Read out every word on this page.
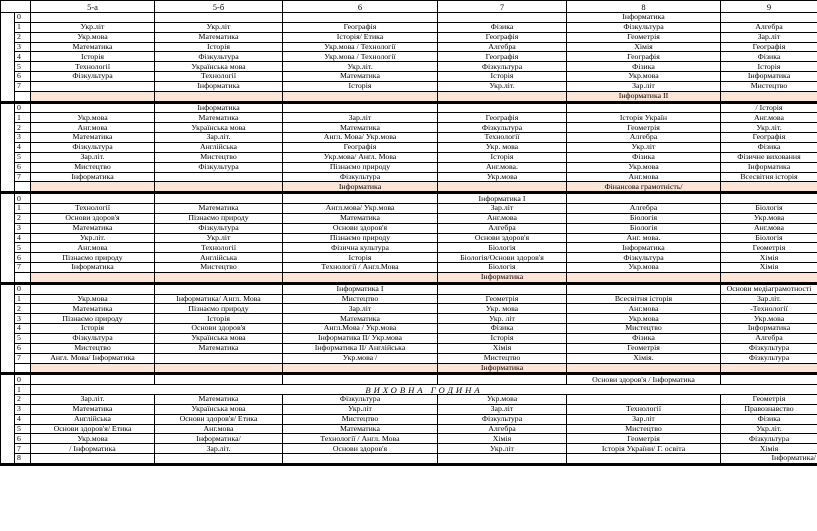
		5-а	5-б	6	7	8	9
	0					Інформатика	
	1	Укр.літ	Укр.літ	Географія	Фізика	Фізкультура	Алгебра
	2	Укр.мова	Математика	Історія/ Етика	Географія	Геометрія	Зар.літ
	3	Математика	Історія	Укр.мова / Технології	Алгебра	Хімія	Географія
	4	Історія	Фізкультура	Укр.мова / Технології	Географія	Географія	Фізика
	5	Технології	Українська мова	Укр.літ.	Фізкультура	Фізика	Історія
	6	Фізкультура	Технології	Математика	Історія	Укр.мова	Інформатика
	7		Інформатика	Історія	Укр.літ.	Зар.літ	Мистецтво
						Інформатика ІІ	
	0		Інформатика				/ Історія
	1	Укр.мова	Математика	Зар.літ	Географія	Історія Україн	Анг.мова
	2	Анг.мова	Українська мова	Математика	Фізкультура	Геометрія	Укр.літ.
	3	Математика	Зар.літ.	Англ. Мова/ Укр.мова	Технології	Алгебра	Географія
	4	Фізкультура	Англійська	Географія	Укр. мова	Укр.літ	Фізика
	5	Зар.літ.	Мистецтво	Укр.мова/ Англ. Мова	Історія	Фізика	Фізичне виховання
	6	Мистецтво	Фізкультура	Пізнаємо природу	Анг.мова.	Укр.мова	Інформатика
	7	Інформатика		Фізкультура	Укр.мова	Анг.мова	Всесвітня історія
				Інформатика		Фінансова грамотність/	
	0				Інформатика І		
	1	Технології	Математика	Англ.мова/ Укр.мова	Зар.літ	Алгебра	Біологія
	2	Основи здоров'я	Пізнаємо природу	Математика	Анг.мова	Біологія	Укр.мова
	3	Математика	Фізкультура	Основи здоров'я	Алгебра	Біологія	Анг.мова
	4	Укр.літ.	Укр.літ	Пізнаємо природу	Основи здоров'я	Анг. мова.	Біологія
	5	Анг.мова	Технології	Фізична культура	Біологія	Інформатика	Геометрія
	6	Пізнаємо природу	Англійська	Історія	Біологія/Основи здоров'я	Фізкультура	Хімія
	7	Інформатика	Мистецтво	Технології / Англ.Мова	Біологія	Укр.мова	Хімія
					Інформатика		
	0			Інформатика І			Основи медіаграмотності
	1	Укр.мова	Інформатика/ Англ. Мова	Мистецтво	Геометрія	Всесвітня історія	Зар.літ.
	2	Математика	Пізнаємо природу	Зар.літ	Укр. мова	Анг.мова	-Технології
	3	Пізнаємо природу	Історія	Математика	Укр. літ	Укр.мова	Укр.мова
	4	Історія	Основи здоров'я	Англ.Мова / Укр.мова	Фізика	Мистецтво	Інформатика
	5	Фізкультура	Українська мова	Інформатика ІІ/ Укр.мова	Історія	Фізика	Алгебра
	6	Мистецтво	Математика	Інформатика ІІ/ Англійська	Хімія	Геометрія	Фізкультура
	7	Англ. Мова/ Інформатика		Укр.мова /	Мистецтво	Хімія.	Фізкультура
					Інформатика		
	0					Основи здоров'я / Інформатика	
	1	ВИХОВНА ГОДИНА					
	2	Зар.літ.	Математика	Фізкультура	Укр.мова		Геометрія
	3	Математика	Українська мова	Укр.літ	Зар.літ	Технології	Правознавство
	4	Англійська	Основи здоров'я/ Етика	Мистецтво	Фізкультура	Зар.літ	Фізика
	5	Основи здоров'я/ Етика	Анг.мова	Математика	Алгебра	Мистецтво	Укр.літ.
	6	Укр.мова	Інформатика/	Технології / Англ. Мова	Хімія	Геометрія	Фізкультура
	7	/ Інформатика	Зар.літ.	Основи здоров'я	Укр.літ	Історія України/ Г. освіта	Хімія
	8						Інформатика/
